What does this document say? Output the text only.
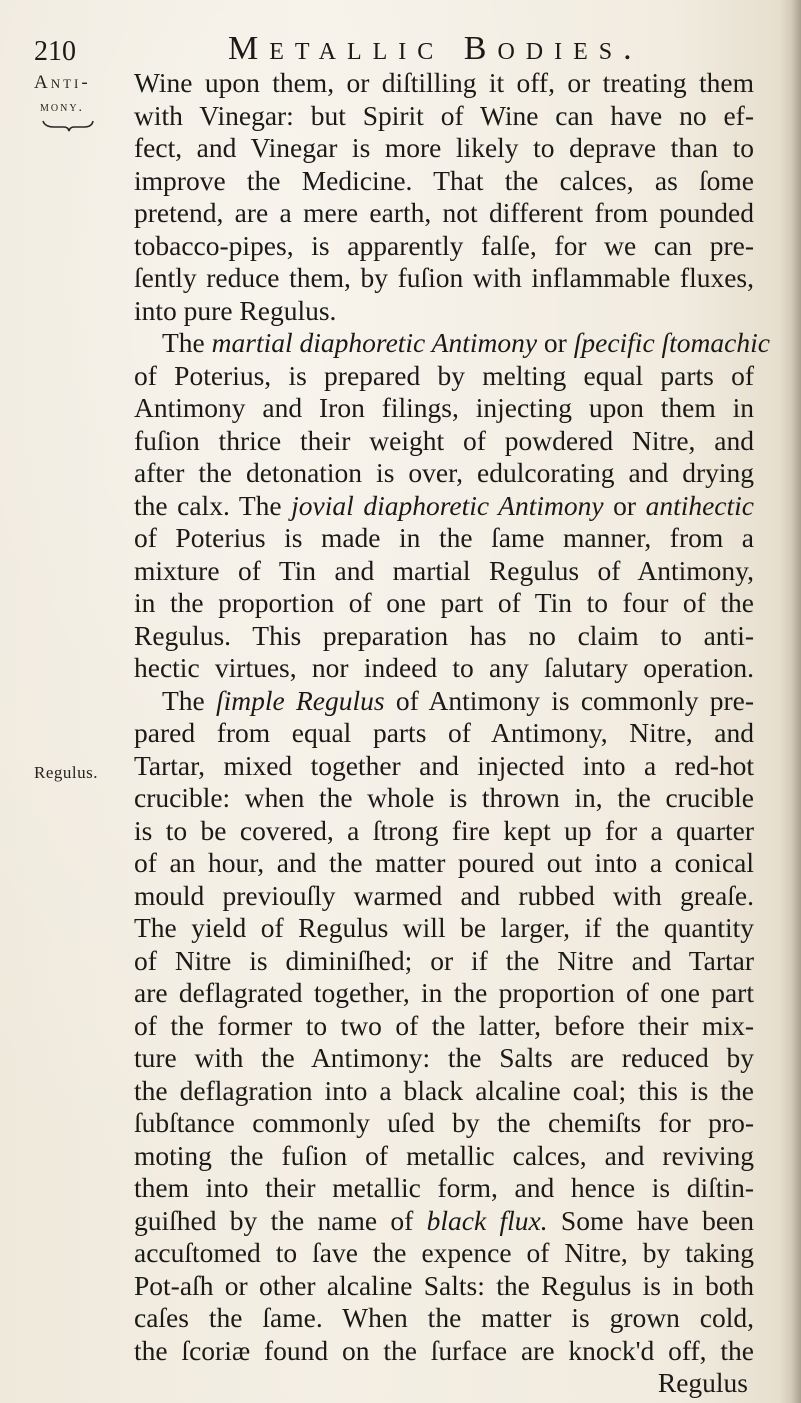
210	Metallic Bodies.
Anti-
mony.
Regulus.
Wine upon them, or diſtilling it off, or treating them
with Vinegar: but Spirit of Wine can have no ef-
fect, and Vinegar is more likely to deprave than to
improve the Medicine. That the calces, as ſome
pretend, are a mere earth, not different from pounded
tobacco-pipes, is apparently falſe, for we can pre-
ſently reduce them, by fuſion with inflammable fluxes,
into pure Regulus.
The martial diaphoretic Antimony or ſpecific ſtomachic
of Poterius, is prepared by melting equal parts of
Antimony and Iron filings, injecting upon them in
fuſion thrice their weight of powdered Nitre, and
after the detonation is over, edulcorating and drying
the calx. The jovial diaphoretic Antimony or antihectic
of Poterius is made in the ſame manner, from a
mixture of Tin and martial Regulus of Antimony,
in the proportion of one part of Tin to four of the
Regulus. This preparation has no claim to anti-
hectic virtues, nor indeed to any ſalutary operation.
The ſimple Regulus of Antimony is commonly pre-
pared from equal parts of Antimony, Nitre, and
Tartar, mixed together and injected into a red-hot
crucible: when the whole is thrown in, the crucible
is to be covered, a ſtrong fire kept up for a quarter
of an hour, and the matter poured out into a conical
mould previouſly warmed and rubbed with greaſe.
The yield of Regulus will be larger, if the quantity
of Nitre is diminiſhed; or if the Nitre and Tartar
are deflagrated together, in the proportion of one part
of the former to two of the latter, before their mix-
ture with the Antimony: the Salts are reduced by
the deflagration into a black alcaline coal; this is the
ſubſtance commonly uſed by the chemiſts for pro-
moting the fuſion of metallic calces, and reviving
them into their metallic form, and hence is diſtin-
guiſhed by the name of black flux. Some have been
accuſtomed to ſave the expence of Nitre, by taking
Pot-aſh or other alcaline Salts: the Regulus is in both
caſes the ſame. When the matter is grown cold,
the ſcoriæ found on the ſurface are knock'd off, the
Regulus
